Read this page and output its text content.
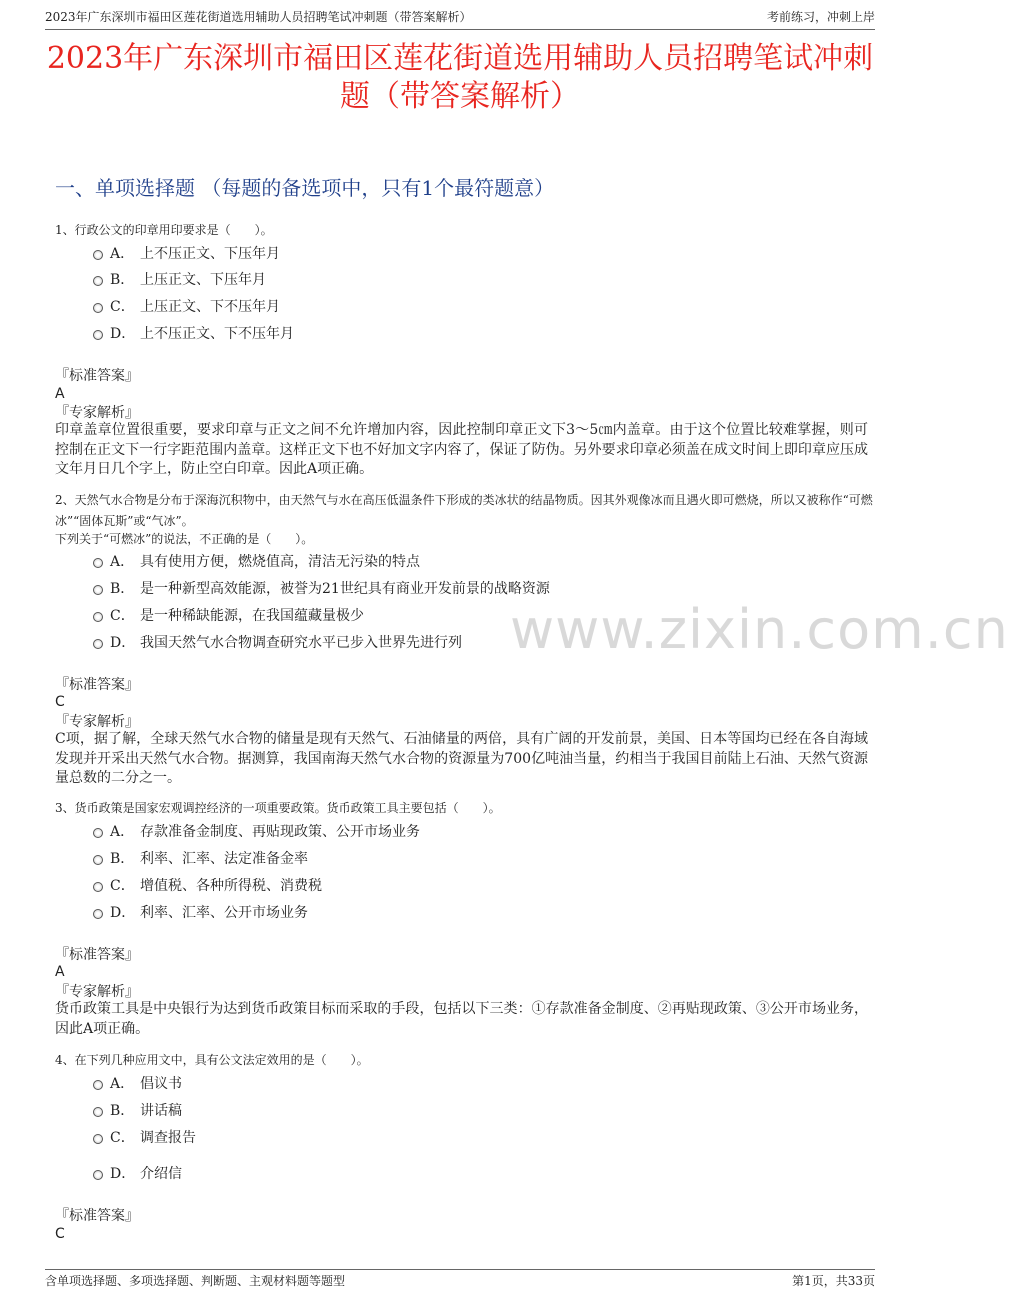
2023年广东深圳市福田区莲花街道选用辅助人员招聘笔试冲刺题（带答案解析）	考前练习，冲刺上岸
2023年广东深圳市福田区莲花街道选用辅助人员招聘笔试冲刺
题（带答案解析）
一、单项选择题 （每题的备选项中，只有1个最符题意）
1、行政公文的印章用印要求是（　　）。
A． 上不压正文、下压年月
B． 上压正文、下压年月
C． 上压正文、下不压年月
D． 上不压正文、下不压年月
『标准答案』
A
『专家解析』
印章盖章位置很重要，要求印章与正文之间不允许增加内容，因此控制印章正文下3～5㎝内盖章。由于这个位置比较难掌握，则可控制在正文下一行字距范围内盖章。这样正文下也不好加文字内容了，保证了防伪。另外要求印章必须盖在成文时间上即印章应压成文年月日几个字上，防止空白印章。因此A项正确。
2、天然气水合物是分布于深海沉积物中，由天然气与水在高压低温条件下形成的类冰状的结晶物质。因其外观像冰而且遇火即可燃烧，所以又被称作“可燃冰”“固体瓦斯”或“气冰”。
下列关于“可燃冰”的说法，不正确的是（　　）。
A． 具有使用方便，燃烧值高，清洁无污染的特点
B． 是一种新型高效能源，被誉为21世纪具有商业开发前景的战略资源
C． 是一种稀缺能源，在我国蕴藏量极少
D． 我国天然气水合物调查研究水平已步入世界先进行列 www.zixin.com.cn
『标准答案』
C
『专家解析』
C项，据了解，全球天然气水合物的储量是现有天然气、石油储量的两倍，具有广阔的开发前景，美国、日本等国均已经在各自海域发现并开采出天然气水合物。据测算，我国南海天然气水合物的资源量为700亿吨油当量，约相当于我国目前陆上石油、天然气资源量总数的二分之一。
3、货币政策是国家宏观调控经济的一项重要政策。货币政策工具主要包括（　　）。
A． 存款准备金制度、再贴现政策、公开市场业务
B． 利率、汇率、法定准备金率
C． 增值税、各种所得税、消费税
D． 利率、汇率、公开市场业务
『标准答案』
A
『专家解析』
货币政策工具是中央银行为达到货币政策目标而采取的手段，包括以下三类：①存款准备金制度、②再贴现政策、③公开市场业务，因此A项正确。
4、在下列几种应用文中，具有公文法定效用的是（　　）。
A． 倡议书
B． 讲话稿
C． 调查报告
D． 介绍信
『标准答案』
C
含单项选择题、多项选择题、判断题、主观材料题等题型	第1页，共33页
